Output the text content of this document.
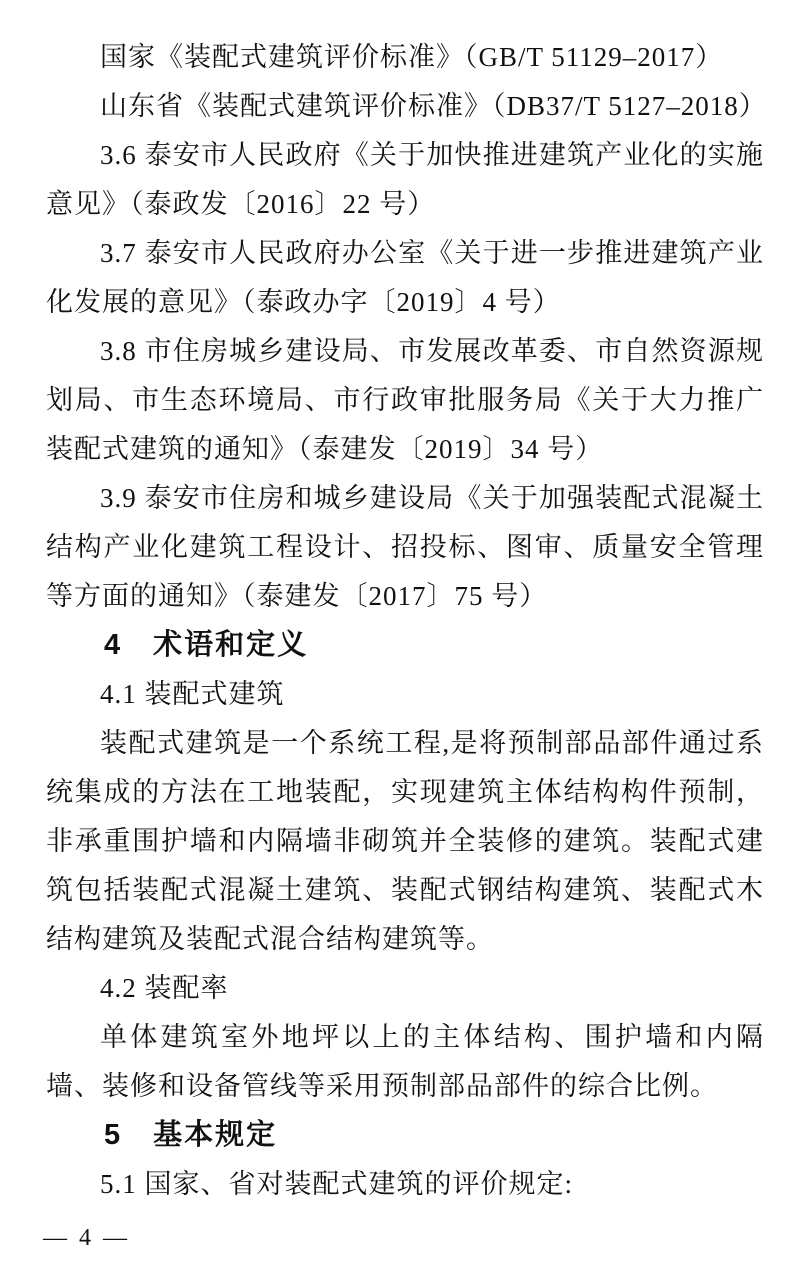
国家《装配式建筑评价标准》（GB/T 51129–2017）

山东省《装配式建筑评价标准》（DB37/T 5127–2018）

3.6 泰安市人民政府《关于加快推进建筑产业化的实施意见》（泰政发〔2016〕22 号）

3.7 泰安市人民政府办公室《关于进一步推进建筑产业化发展的意见》（泰政办字〔2019〕4 号）

3.8 市住房城乡建设局、市发展改革委、市自然资源规划局、市生态环境局、市行政审批服务局《关于大力推广装配式建筑的通知》（泰建发〔2019〕34 号）

3.9 泰安市住房和城乡建设局《关于加强装配式混凝土结构产业化建筑工程设计、招投标、图审、质量安全管理等方面的通知》（泰建发〔2017〕75 号）

4　术语和定义

4.1 装配式建筑

装配式建筑是一个系统工程,是将预制部品部件通过系统集成的方法在工地装配，实现建筑主体结构构件预制，非承重围护墙和内隔墙非砌筑并全装修的建筑。装配式建筑包括装配式混凝土建筑、装配式钢结构建筑、装配式木结构建筑及装配式混合结构建筑等。

4.2 装配率

单体建筑室外地坪以上的主体结构、围护墙和内隔墙、装修和设备管线等采用预制部品部件的综合比例。

5　基本规定

5.1 国家、省对装配式建筑的评价规定:

— 4 —
